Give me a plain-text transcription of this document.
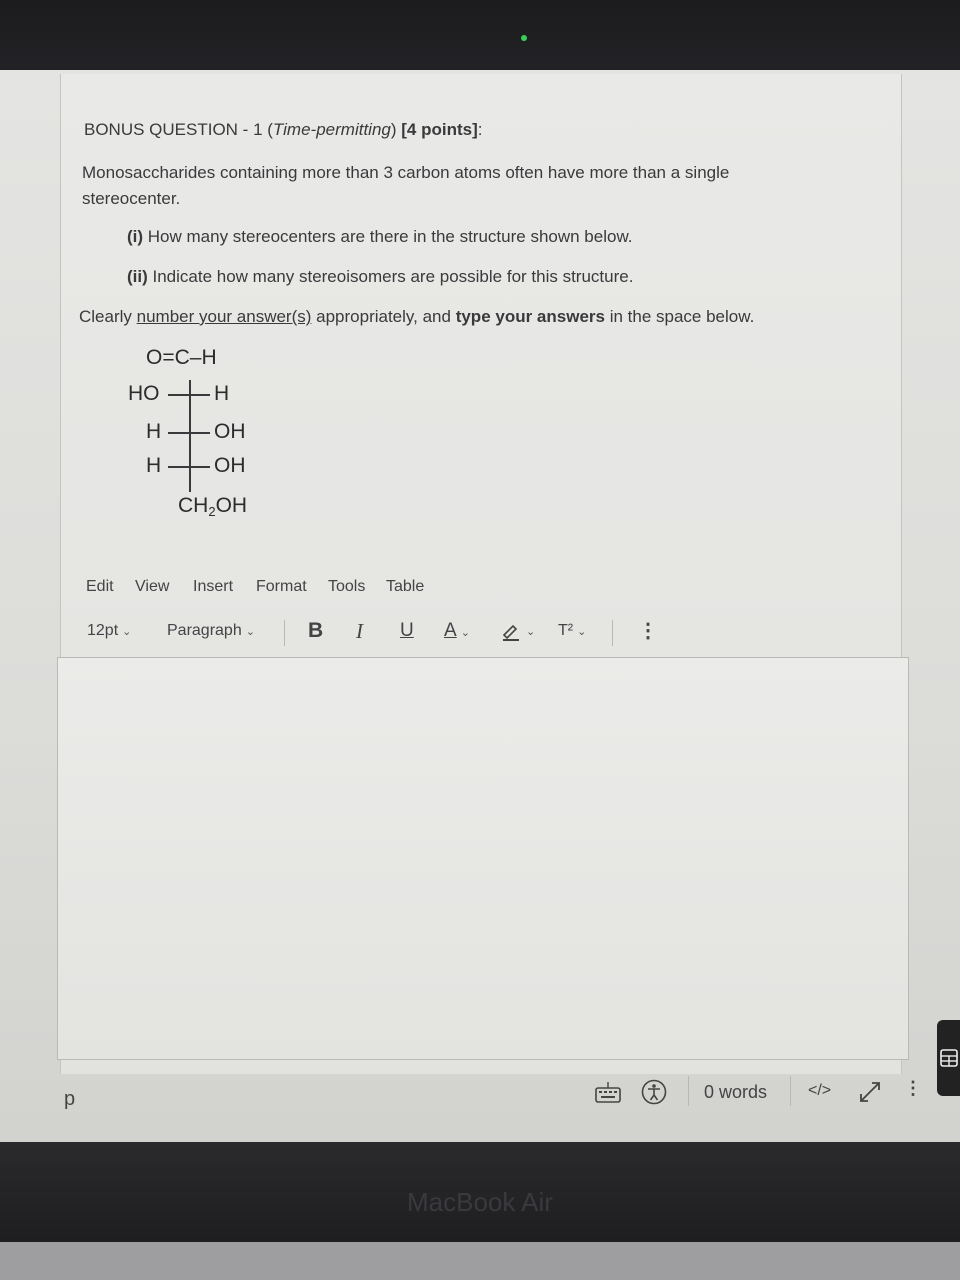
BONUS QUESTION - 1 (Time-permitting) [4 points]:
Monosaccharides containing more than 3 carbon atoms often have more than a single stereocenter.
(i) How many stereocenters are there in the structure shown below.
(ii) Indicate how many stereoisomers are possible for this structure.
Clearly number your answer(s) appropriately, and type your answers in the space below.
O=C–H
HO	H
H	OH
H	OH
$CH_2OH$
Edit View Insert Format Tools Table
12pt ⌄ Paragraph ⌄	B I U A ⌄	⌄ T² ⌄	⋮
p	0 words	</>	⋮
MacBook Air
